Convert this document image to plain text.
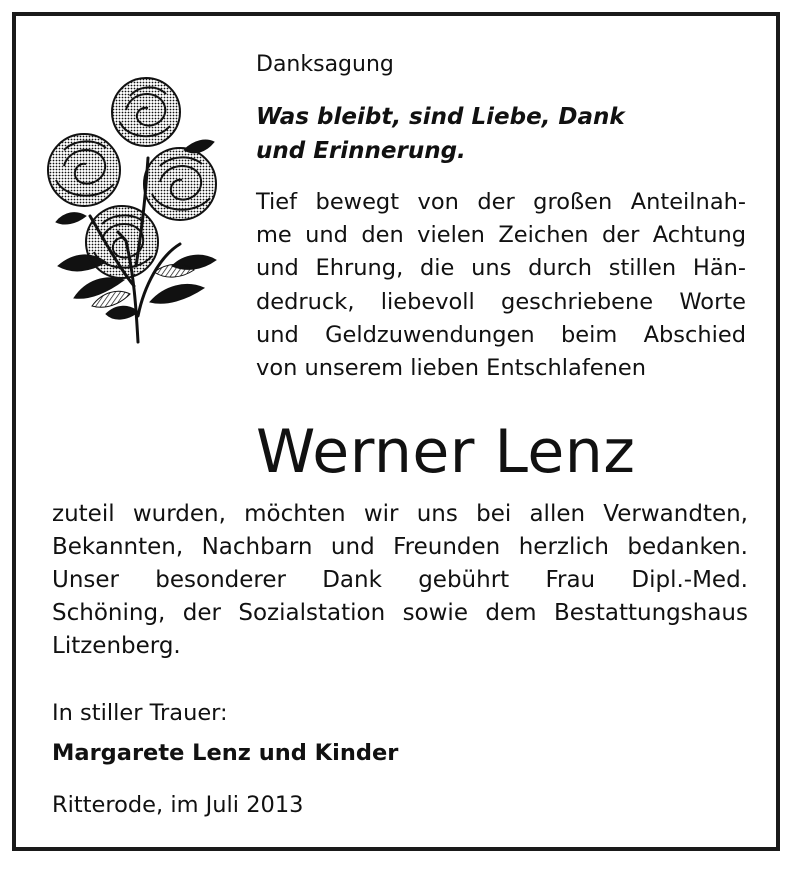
Danksagung
Was bleibt, sind Liebe, Dank
und Erinnerung.
Tief bewegt von der großen Anteilnah-
me und den vielen Zeichen der Achtung
und Ehrung, die uns durch stillen Hän-
dedruck, liebevoll geschriebene Worte
und Geldzuwendungen beim Abschied
von unserem lieben Entschlafenen
Werner Lenz
zuteil wurden, möchten wir uns bei allen Verwandten,
Bekannten, Nachbarn und Freunden herzlich bedanken.
Unser besonderer Dank gebührt Frau Dipl.-Med.
Schöning, der Sozialstation sowie dem Bestattungshaus
Litzenberg.
In stiller Trauer:
Margarete Lenz und Kinder
Ritterode, im Juli 2013
